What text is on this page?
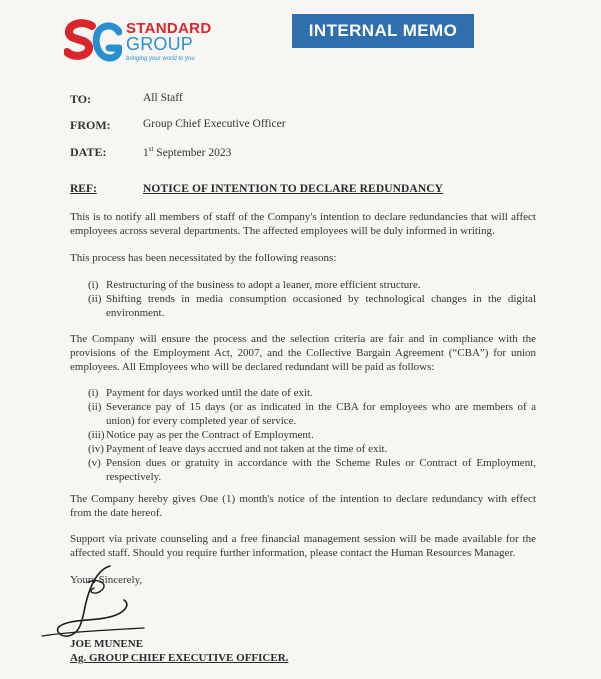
STANDARD
GROUP
bringing your world to you
INTERNAL MEMO
TO:	All Staff
FROM:	Group Chief Executive Officer
DATE:	1st September 2023
REF:	NOTICE OF INTENTION TO DECLARE REDUNDANCY

This is to notify all members of staff of the Company's intention to declare redundancies that will affect employees across several departments. The affected employees will be duly informed in writing.

This process has been necessitated by the following reasons:

(i) Restructuring of the business to adopt a leaner, more efficient structure.
(ii) Shifting trends in media consumption occasioned by technological changes in the digital environment.

The Company will ensure the process and the selection criteria are fair and in compliance with the provisions of the Employment Act, 2007, and the Collective Bargain Agreement (“CBA”) for union employees. All Employees who will be declared redundant will be paid as follows:

(i) Payment for days worked until the date of exit.
(ii) Severance pay of 15 days (or as indicated in the CBA for employees who are members of a union) for every completed year of service.
(iii) Notice pay as per the Contract of Employment.
(iv) Payment of leave days accrued and not taken at the time of exit.
(v) Pension dues or gratuity in accordance with the Scheme Rules or Contract of Employment, respectively.

The Company hereby gives One (1) month's notice of the intention to declare redundancy with effect from the date hereof.

Support via private counseling and a free financial management session will be made available for the affected staff. Should you require further information, please contact the Human Resources Manager.

Yours Sincerely,

JOE MUNENE
Ag. GROUP CHIEF EXECUTIVE OFFICER.
